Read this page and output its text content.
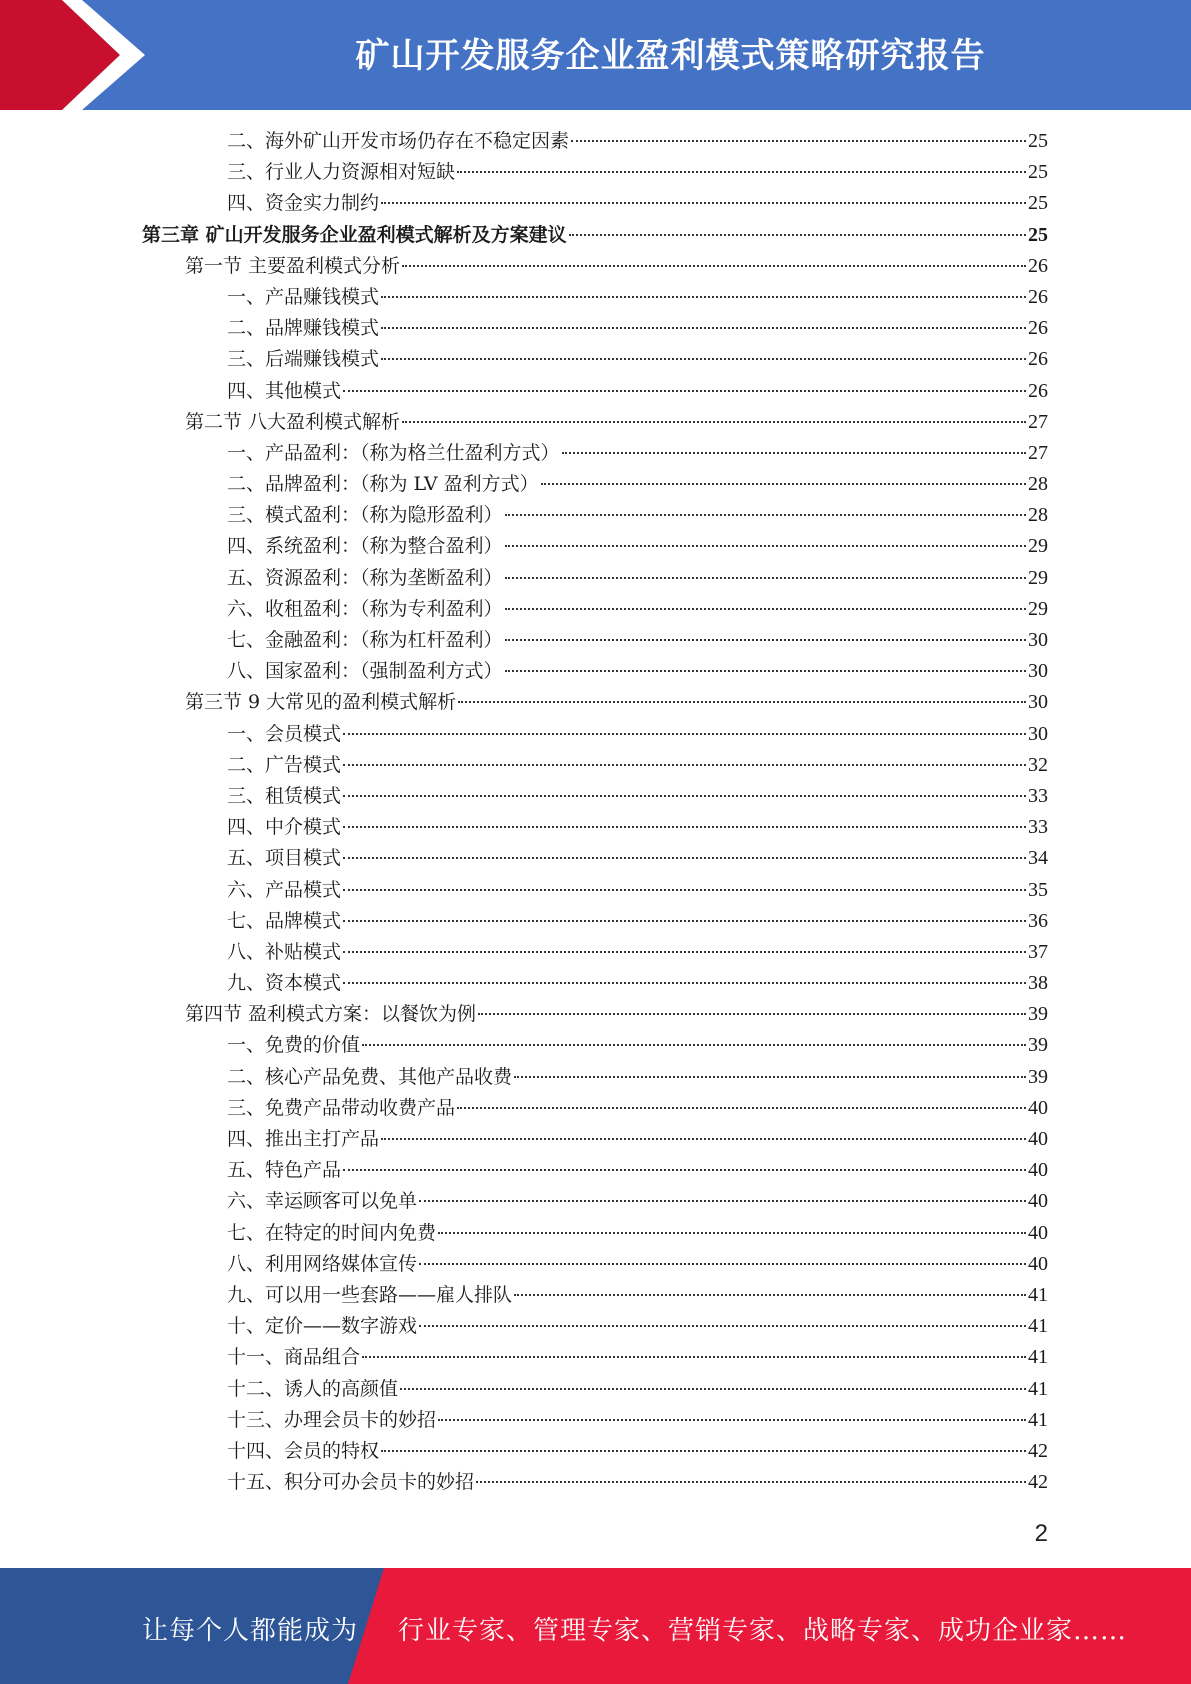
矿山开发服务企业盈利模式策略研究报告
二、海外矿山开发市场仍存在不稳定因素	25
三、行业人力资源相对短缺	25
四、资金实力制约	25
第三章 矿山开发服务企业盈利模式解析及方案建议	25
第一节 主要盈利模式分析	26
一、产品赚钱模式	26
二、品牌赚钱模式	26
三、后端赚钱模式	26
四、其他模式	26
第二节 八大盈利模式解析	27
一、产品盈利：（称为格兰仕盈利方式）	27
二、品牌盈利：（称为 LV 盈利方式）	28
三、模式盈利：（称为隐形盈利）	28
四、系统盈利：（称为整合盈利）	29
五、资源盈利：（称为垄断盈利）	29
六、收租盈利：（称为专利盈利）	29
七、金融盈利：（称为杠杆盈利）	30
八、国家盈利：（强制盈利方式）	30
第三节 9 大常见的盈利模式解析	30
一、会员模式	30
二、广告模式	32
三、租赁模式	33
四、中介模式	33
五、项目模式	34
六、产品模式	35
七、品牌模式	36
八、补贴模式	37
九、资本模式	38
第四节 盈利模式方案：以餐饮为例	39
一、免费的价值	39
二、核心产品免费、其他产品收费	39
三、免费产品带动收费产品	40
四、推出主打产品	40
五、特色产品	40
六、幸运顾客可以免单	40
七、在特定的时间内免费	40
八、利用网络媒体宣传	40
九、可以用一些套路——雇人排队	41
十、定价——数字游戏	41
十一、商品组合	41
十二、诱人的高颜值	41
十三、办理会员卡的妙招	41
十四、会员的特权	42
十五、积分可办会员卡的妙招	42
2
让每个人都能成为 行业专家、管理专家、营销专家、战略专家、成功企业家……
